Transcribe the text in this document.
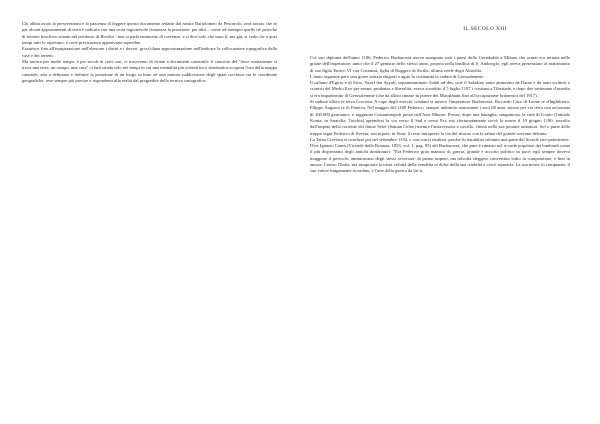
Chi abbia avuto la perseveranza e la pazienza di leggere questo documento redatto dal notaio Bartolomeo da Pescarolo, avrà notato che se per alcuni appezzamenti di terra è indicata con una certa ragionevole chiarezza la posizione, per altri – come ad esempio quelle tre pertiche di terreno boschivo situate nel territorio di Rivolta - non si parla nemmeno di coerenze, e si dice solo che sono lì, ma già, si vede che a quei tempi tutti lo sapevano, e certe precisazioni apparivano superflue.

Esaurisce fino all'esasperazione nell'elencare i diritti e i doveri, gross'olana approssimazione nell'indicare la collocazione topografica delle case e dei terreni.

Ma ancora per molto tempo, e per secoli in certi casi, ci troveremo di fronte a documenti consimili: il concetto del "dove esattamente si trova una terra, un campo, una casa" ci farà strada solo nei tempi in cui una mentalità più scientifica e sistematica scoprirà l'uso della mappa catastale, atta a delineare e definire la posizione di un luogo in base ad una minuta suddivisione degli spazi racchiusi tra le coordinate geografiche, rese sempre più precise e rispondenti alla realtà dal progredire della tecnica cartografica.

IL SECOLO XIII

Col suo diploma dell'anno 1186, Federico Barbarossa aveva assegnato tutti i paesi della Geradadda a Milano che ormai era tornata nelle grazie dell'imperatore; tanto che il 27 gennaio dello stesso anno, proprio nella basilica di S. Ambrogio, egli aveva presenziato al matrimonio di suo figlio Enrico VI con Costanza, figlia di Ruggero di Sicilia, ultima erede degli Altavilla.

L'anno seguente però una grave notizia sbigottì e agitò la cristianità la caduta di Gerusalemme.

Il sultano d'Egitto e di Siria, Yusuf ibn Ayyub, soprannominato Salah ad-din, cioè il Saladino tanto ammirato da Dante e da tanti scrittori e cronisti del Medio Evo per senno, prudenza e liberalità, aveva sconfitto il 5 luglio 1187 i cristiani a Tiberiade, e dopo due settimane d'assedio si era impadronito di Gerusalemme (che da allora rimase in potere dei Musulmani fino all'occupazione britannica del 1917).

Si indisse allora la terza Crociata. A capo degli eserciti cristiani si misero l'imperatore Barbarossa, Riccardo Cuor di Leone re d'Inghilterra, Filippo Augusto re di Francia. Nel maggio del 1189 Federico, sempre indomito nonostante i suoi 68 anni, mosse per via terra con un'armata di 100.000 germanici, e raggiunta Costantinopoli passò nell'Asia Minore. Presse, dopo una battaglia, sanguinosa, la città di Iconio (l'attuale Konia, in Anatolia, Turchia) aprendosi la via verso il Sud e verso Est, ma sfortunatamente trovò la morte il 10 giugno 1190, travolto dall'impeto della corrente del fiume Selef (Saman Celno) mentre l'attraversava a cavallo, chissà nella sua pesante armatura. Sol o parte delle truppe seguì Federico di Svevia, suo nipote, in Siria; il resto intraprese la via del ritorno con la salma del grande sovrano defunto.

La Terza Crociata si concluse poi nel settembre 1192, e con scarsi risultati, perché fu ristabilita soltanto una parte del litorale siro-palestinese.

Dice Ignazio Cantù (Vicende della Brianza, 1853, vol. 1, pag. 95) del Barbarossa, che pure è rimasto nel ricordo popolare dei lombardi come il più disprezzato degli antichi dominatori: "Era Federico gran maestro di guerra, grande e accorto politico in pace; egli sempre doveva maggiore il pericolo; ammiravano degli stessi avversari; di primo impeto, ma talvolta sleggero converttito lodio in compassione, e fino in amore. Contro l'Italia, ma assaporata la trista voluttà della vendetta ei dolse della sua crudeltà e cercò ripararla. La sua morte fu compianta; il suo valore lungamente ricordato, e l'arte della guerra da lui si.
